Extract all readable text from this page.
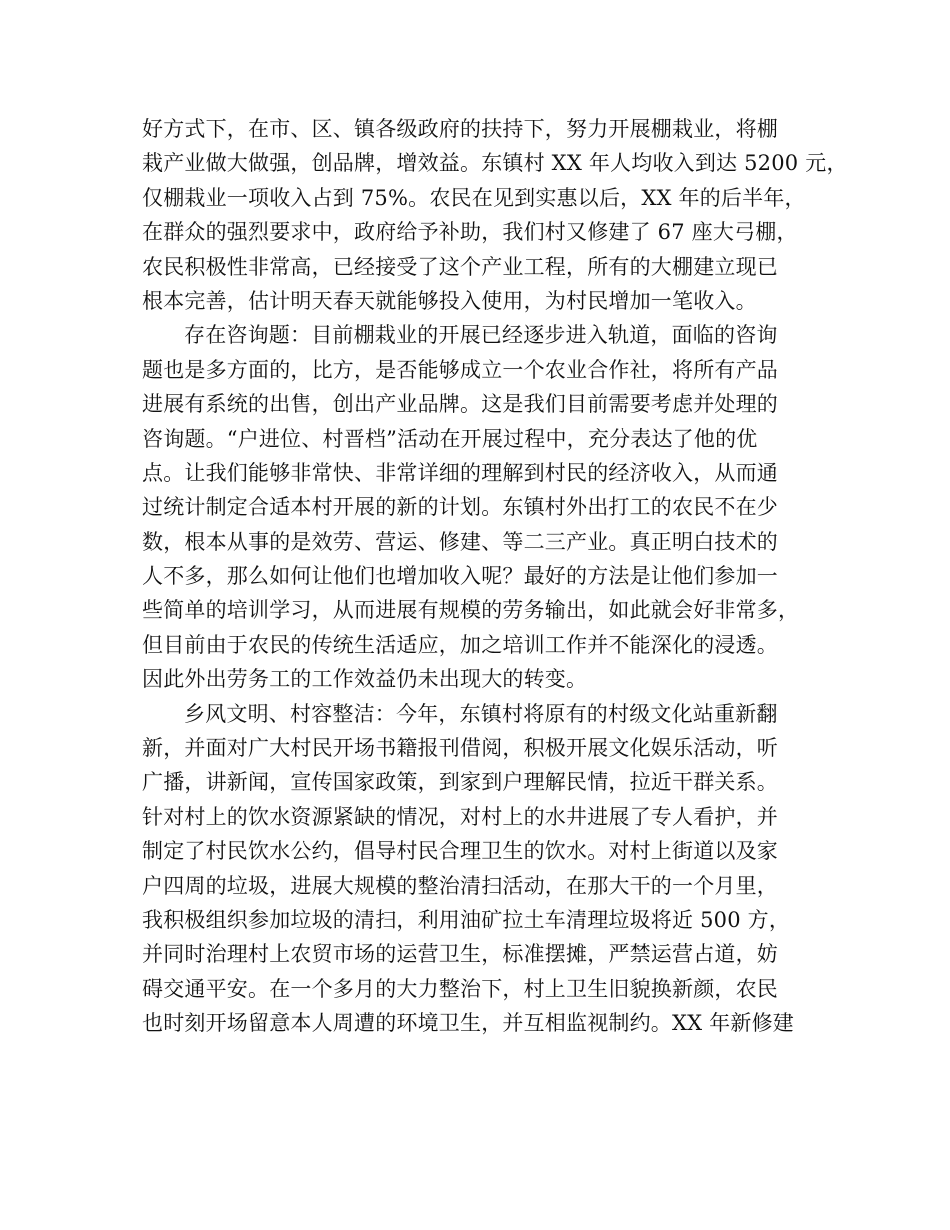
好方式下，在市、区、镇各级政府的扶持下，努力开展棚栽业，将棚
栽产业做大做强，创品牌，增效益。东镇村 XX 年人均收入到达 5200 元，
仅棚栽业一项收入占到 75%。农民在见到实惠以后，XX 年的后半年，
在群众的强烈要求中，政府给予补助，我们村又修建了 67 座大弓棚，
农民积极性非常高，已经接受了这个产业工程，所有的大棚建立现已
根本完善，估计明天春天就能够投入使用，为村民增加一笔收入。
存在咨询题：目前棚栽业的开展已经逐步进入轨道，面临的咨询
题也是多方面的，比方，是否能够成立一个农业合作社，将所有产品
进展有系统的出售，创出产业品牌。这是我们目前需要考虑并处理的
咨询题。“户进位、村晋档”活动在开展过程中，充分表达了他的优
点。让我们能够非常快、非常详细的理解到村民的经济收入，从而通
过统计制定合适本村开展的新的计划。东镇村外出打工的农民不在少
数，根本从事的是效劳、营运、修建、等二三产业。真正明白技术的
人不多，那么如何让他们也增加收入呢？最好的方法是让他们参加一
些简单的培训学习，从而进展有规模的劳务输出，如此就会好非常多，
但目前由于农民的传统生活适应，加之培训工作并不能深化的浸透。
因此外出劳务工的工作效益仍未出现大的转变。
乡风文明、村容整洁：今年，东镇村将原有的村级文化站重新翻
新，并面对广大村民开场书籍报刊借阅，积极开展文化娱乐活动，听
广播，讲新闻，宣传国家政策，到家到户理解民情，拉近干群关系。
针对村上的饮水资源紧缺的情况，对村上的水井进展了专人看护，并
制定了村民饮水公约，倡导村民合理卫生的饮水。对村上街道以及家
户四周的垃圾，进展大规模的整治清扫活动，在那大干的一个月里，
我积极组织参加垃圾的清扫，利用油矿拉土车清理垃圾将近 500 方，
并同时治理村上农贸市场的运营卫生，标准摆摊，严禁运营占道，妨
碍交通平安。在一个多月的大力整治下，村上卫生旧貌换新颜，农民
也时刻开场留意本人周遭的环境卫生，并互相监视制约。XX 年新修建
